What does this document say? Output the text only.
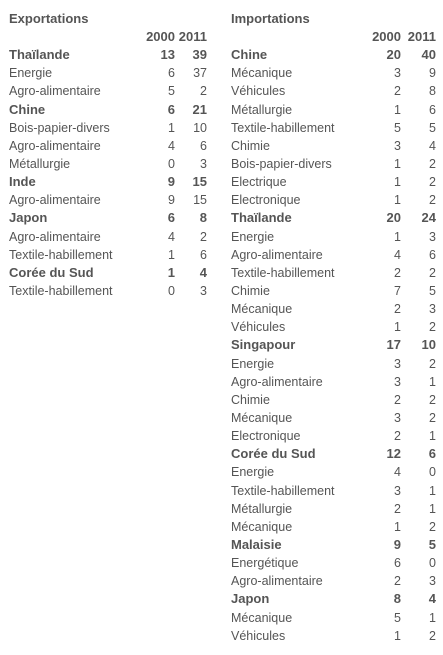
Exportations
	2000	2011
Thaïlande	13	39
Energie	6	37
Agro-alimentaire	5	2
Chine	6	21
Bois-papier-divers	1	10
Agro-alimentaire	4	6
Métallurgie	0	3
Inde	9	15
Agro-alimentaire	9	15
Japon	6	8
Agro-alimentaire	4	2
Textile-habillement	1	6
Corée du Sud	1	4
Textile-habillement	0	3
Importations
	2000	2011
Chine	20	40
Mécanique	3	9
Véhicules	2	8
Métallurgie	1	6
Textile-habillement	5	5
Chimie	3	4
Bois-papier-divers	1	2
Electrique	1	2
Electronique	1	2
Thaïlande	20	24
Energie	1	3
Agro-alimentaire	4	6
Textile-habillement	2	2
Chimie	7	5
Mécanique	2	3
Véhicules	1	2
Singapour	17	10
Energie	3	2
Agro-alimentaire	3	1
Chimie	2	2
Mécanique	3	2
Electronique	2	1
Corée du Sud	12	6
Energie	4	0
Textile-habillement	3	1
Métallurgie	2	1
Mécanique	1	2
Malaisie	9	5
Energétique	6	0
Agro-alimentaire	2	3
Japon	8	4
Mécanique	5	1
Véhicules	1	2
